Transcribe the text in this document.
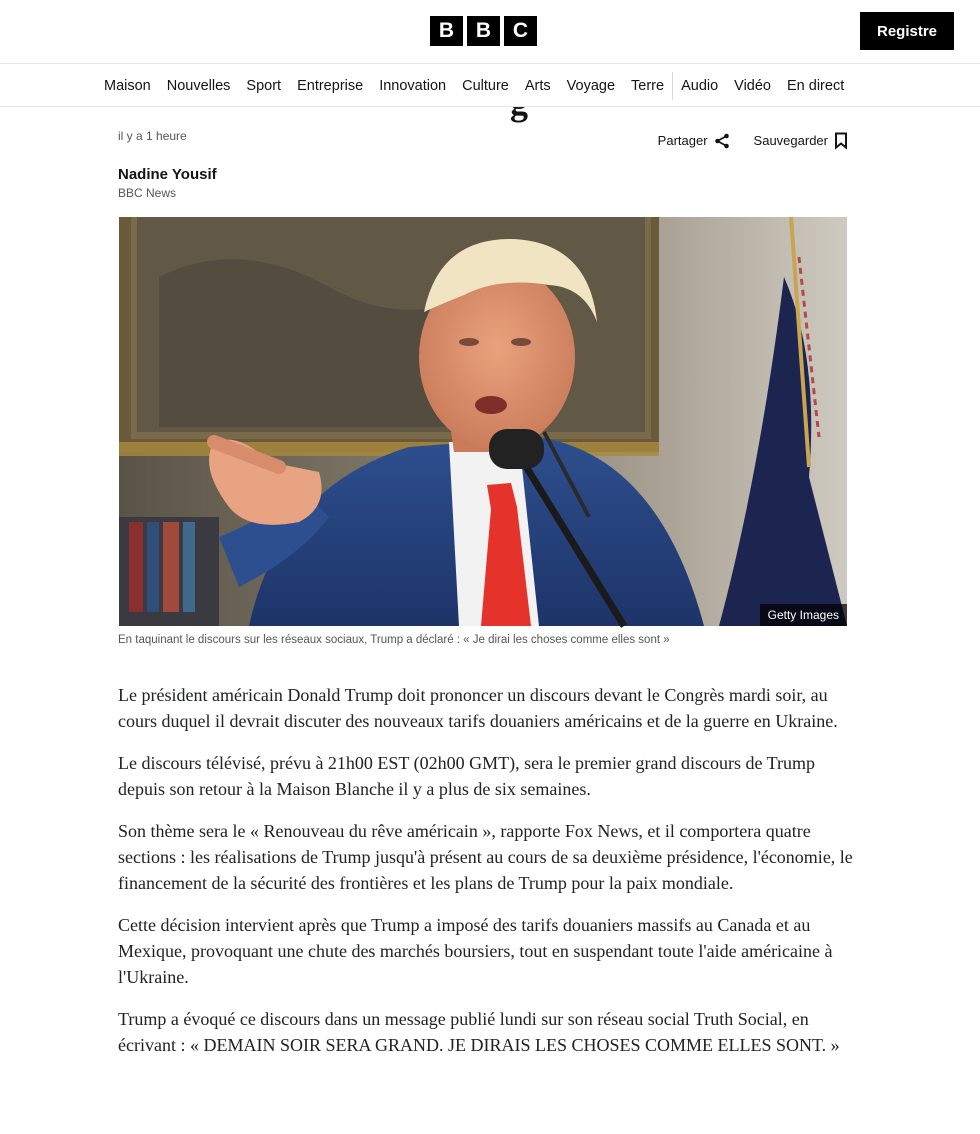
B	B	C	Registre
Maison	Nouvelles	Sport	Entreprise	Innovation	Culture	Arts	Voyage	Terre	Audio	Vidéo	En direct
il y a 1 heure	Partager	Sauvegarder
Nadine Yousif
BBC News
Getty Images
En taquinant le discours sur les réseaux sociaux, Trump a déclaré : « Je dirai les choses comme elles sont »

Le président américain Donald Trump doit prononcer un discours devant le Congrès mardi soir, au cours duquel il devrait discuter des nouveaux tarifs douaniers américains et de la guerre en Ukraine.

Le discours télévisé, prévu à 21h00 EST (02h00 GMT), sera le premier grand discours de Trump depuis son retour à la Maison Blanche il y a plus de six semaines.

Son thème sera le « Renouveau du rêve américain », rapporte Fox News, et il comportera quatre sections : les réalisations de Trump jusqu'à présent au cours de sa deuxième présidence, l'économie, le financement de la sécurité des frontières et les plans de Trump pour la paix mondiale.

Cette décision intervient après que Trump a imposé des tarifs douaniers massifs au Canada et au Mexique, provoquant une chute des marchés boursiers, tout en suspendant toute l'aide américaine à l'Ukraine.

Trump a évoqué ce discours dans un message publié lundi sur son réseau social Truth Social, en écrivant : « DEMAIN SOIR SERA GRAND. JE DIRAIS LES CHOSES COMME ELLES SONT. »
